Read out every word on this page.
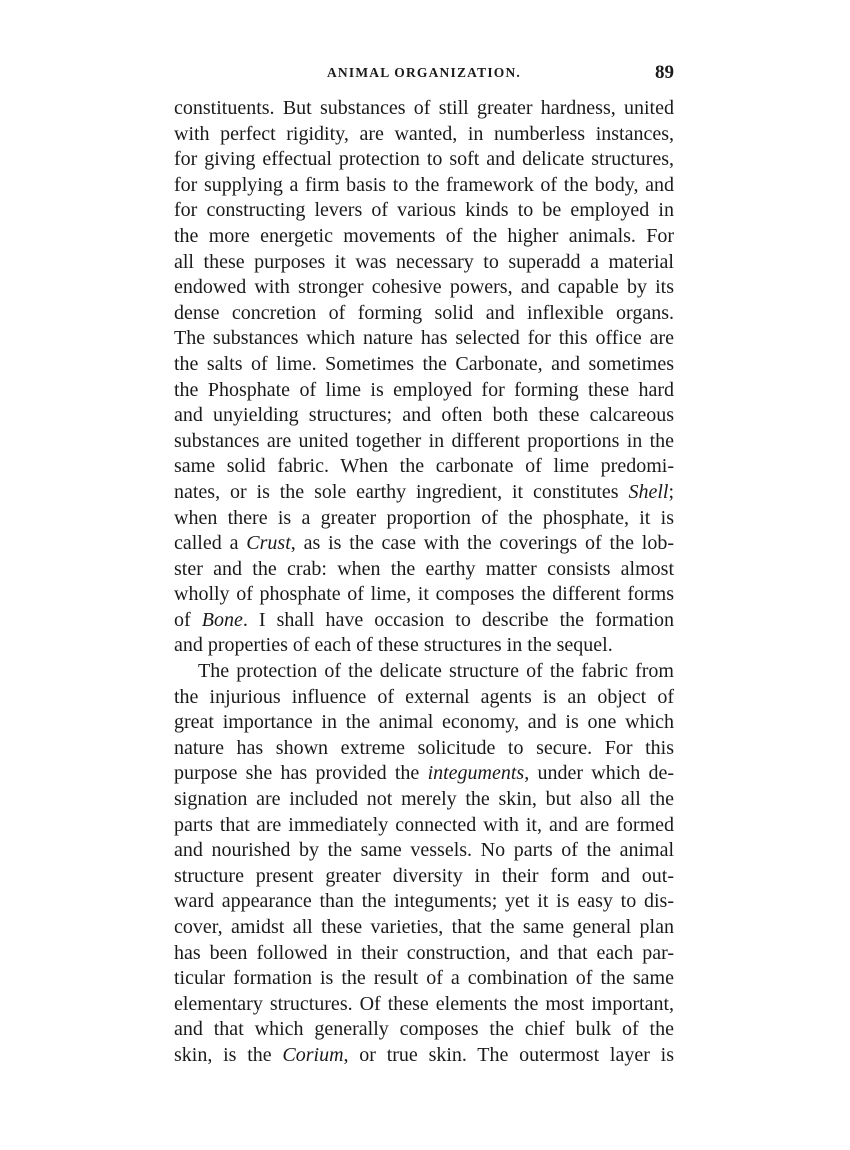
ANIMAL ORGANIZATION.	89
constituents. But substances of still greater hardness, united
with perfect rigidity, are wanted, in numberless instances,
for giving effectual protection to soft and delicate structures,
for supplying a firm basis to the framework of the body, and
for constructing levers of various kinds to be employed in
the more energetic movements of the higher animals. For
all these purposes it was necessary to superadd a material
endowed with stronger cohesive powers, and capable by its
dense concretion of forming solid and inflexible organs.
The substances which nature has selected for this office are
the salts of lime. Sometimes the Carbonate, and sometimes
the Phosphate of lime is employed for forming these hard
and unyielding structures; and often both these calcareous
substances are united together in different proportions in the
same solid fabric. When the carbonate of lime predomi-
nates, or is the sole earthy ingredient, it constitutes Shell;
when there is a greater proportion of the phosphate, it is
called a Crust, as is the case with the coverings of the lob-
ster and the crab: when the earthy matter consists almost
wholly of phosphate of lime, it composes the different forms
of Bone. I shall have occasion to describe the formation
and properties of each of these structures in the sequel.
The protection of the delicate structure of the fabric from
the injurious influence of external agents is an object of
great importance in the animal economy, and is one which
nature has shown extreme solicitude to secure. For this
purpose she has provided the integuments, under which de-
signation are included not merely the skin, but also all the
parts that are immediately connected with it, and are formed
and nourished by the same vessels. No parts of the animal
structure present greater diversity in their form and out-
ward appearance than the integuments; yet it is easy to dis-
cover, amidst all these varieties, that the same general plan
has been followed in their construction, and that each par-
ticular formation is the result of a combination of the same
elementary structures. Of these elements the most important,
and that which generally composes the chief bulk of the
skin, is the Corium, or true skin. The outermost layer is
